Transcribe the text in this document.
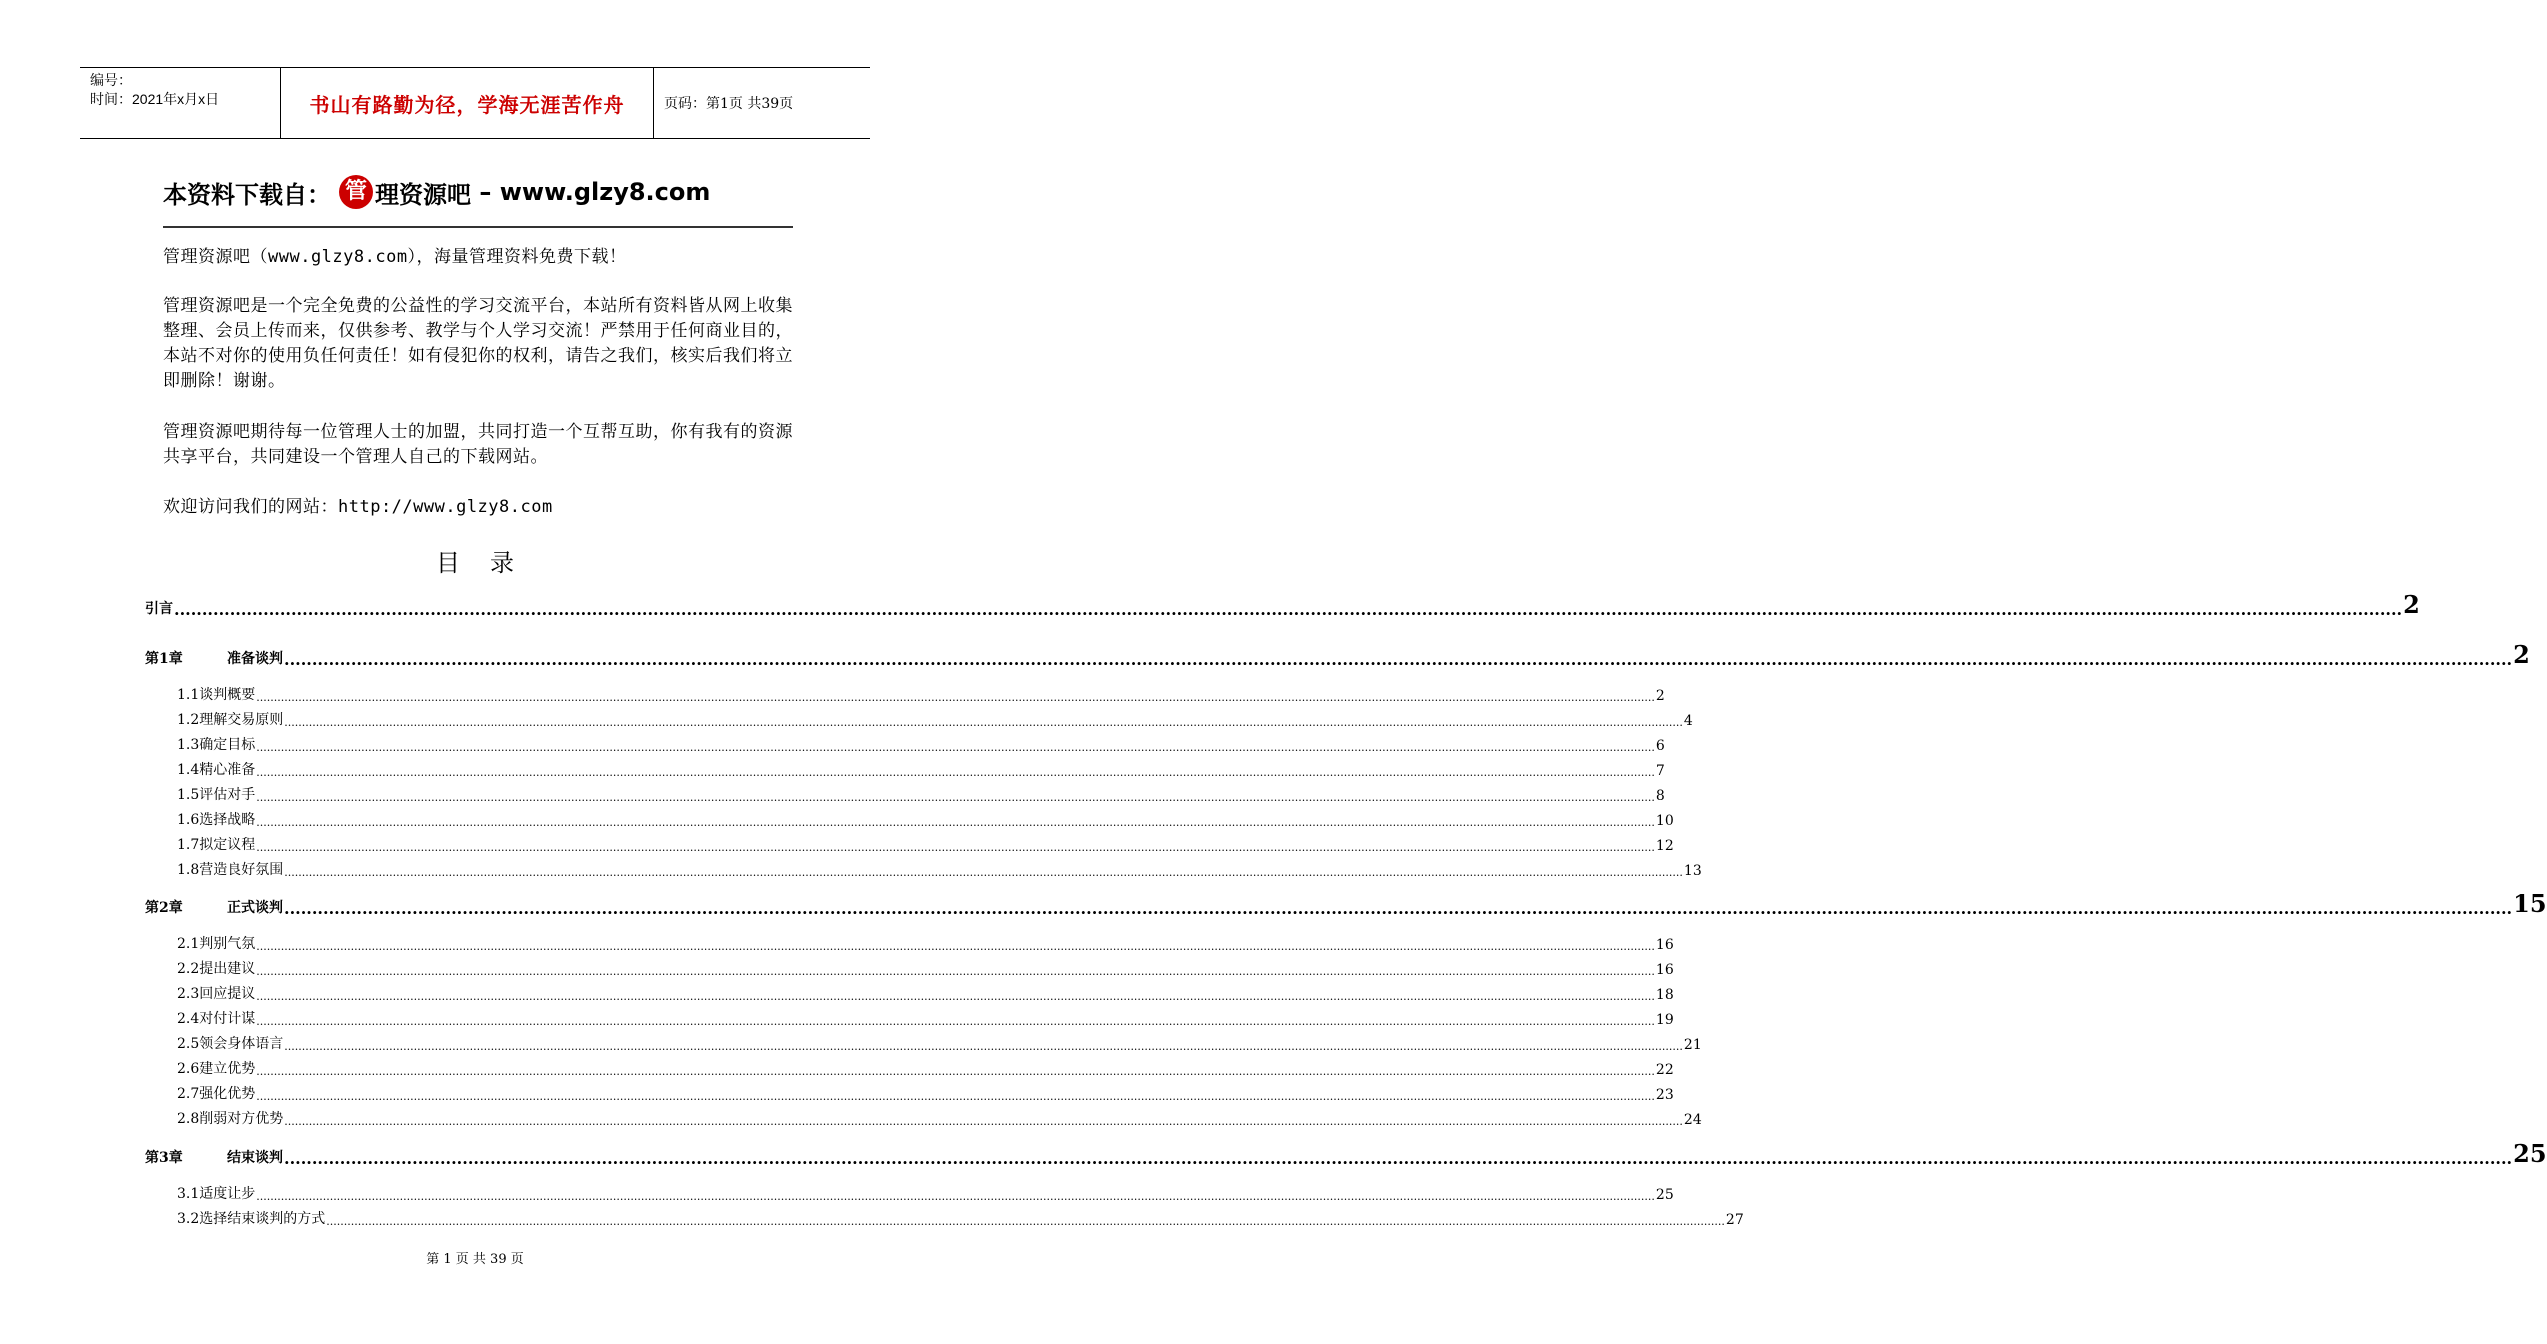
编号：
时间：2021年x月x日	书山有路勤为径，学海无涯苦作舟	页码：第1页 共39页
本资料下载自： 管 理资源吧 – www.glzy8.com
管理资源吧（www.glzy8.com），海量管理资料免费下载！
管理资源吧是一个完全免费的公益性的学习交流平台，本站所有资料皆从网上收集整理、会员上传而来，仅供参考、教学与个人学习交流！严禁用于任何商业目的，本站不对你的使用负任何责任！如有侵犯你的权利，请告之我们，核实后我们将立即删除！谢谢。
管理资源吧期待每一位管理人士的加盟，共同打造一个互帮互助，你有我有的资源共享平台，共同建设一个管理人自己的下载网站。
欢迎访问我们的网站：http://www.glzy8.com
目录
引言 ................................................................................................................................................................................................................................................................................................................................................................................................................ 2
第1章	准备谈判 ................................................................................................................................................................................................................................................................................................................................................................................................................ 2
1.1谈判概要 ................................................................................................................................................................................................................................................................................................................................................................................................................ 2
1.2理解交易原则 ................................................................................................................................................................................................................................................................................................................................................................................................................ 4
1.3确定目标 ................................................................................................................................................................................................................................................................................................................................................................................................................ 6
1.4精心准备 ................................................................................................................................................................................................................................................................................................................................................................................................................ 7
1.5评估对手 ................................................................................................................................................................................................................................................................................................................................................................................................................ 8
1.6选择战略 ................................................................................................................................................................................................................................................................................................................................................................................................................ 10
1.7拟定议程 ................................................................................................................................................................................................................................................................................................................................................................................................................ 12
1.8营造良好氛围 ................................................................................................................................................................................................................................................................................................................................................................................................................ 13
第2章	正式谈判 ................................................................................................................................................................................................................................................................................................................................................................................................................ 15
2.1判别气氛 ................................................................................................................................................................................................................................................................................................................................................................................................................ 16
2.2提出建议 ................................................................................................................................................................................................................................................................................................................................................................................................................ 16
2.3回应提议 ................................................................................................................................................................................................................................................................................................................................................................................................................ 18
2.4对付计谋 ................................................................................................................................................................................................................................................................................................................................................................................................................ 19
2.5领会身体语言 ................................................................................................................................................................................................................................................................................................................................................................................................................ 21
2.6建立优势 ................................................................................................................................................................................................................................................................................................................................................................................................................ 22
2.7强化优势 ................................................................................................................................................................................................................................................................................................................................................................................................................ 23
2.8削弱对方优势 ................................................................................................................................................................................................................................................................................................................................................................................................................ 24
第3章	结束谈判 ................................................................................................................................................................................................................................................................................................................................................................................................................ 25
3.1适度让步 ................................................................................................................................................................................................................................................................................................................................................................................................................ 25
3.2选择结束谈判的方式 ................................................................................................................................................................................................................................................................................................................................................................................................................ 27
第 1 页 共 39 页
